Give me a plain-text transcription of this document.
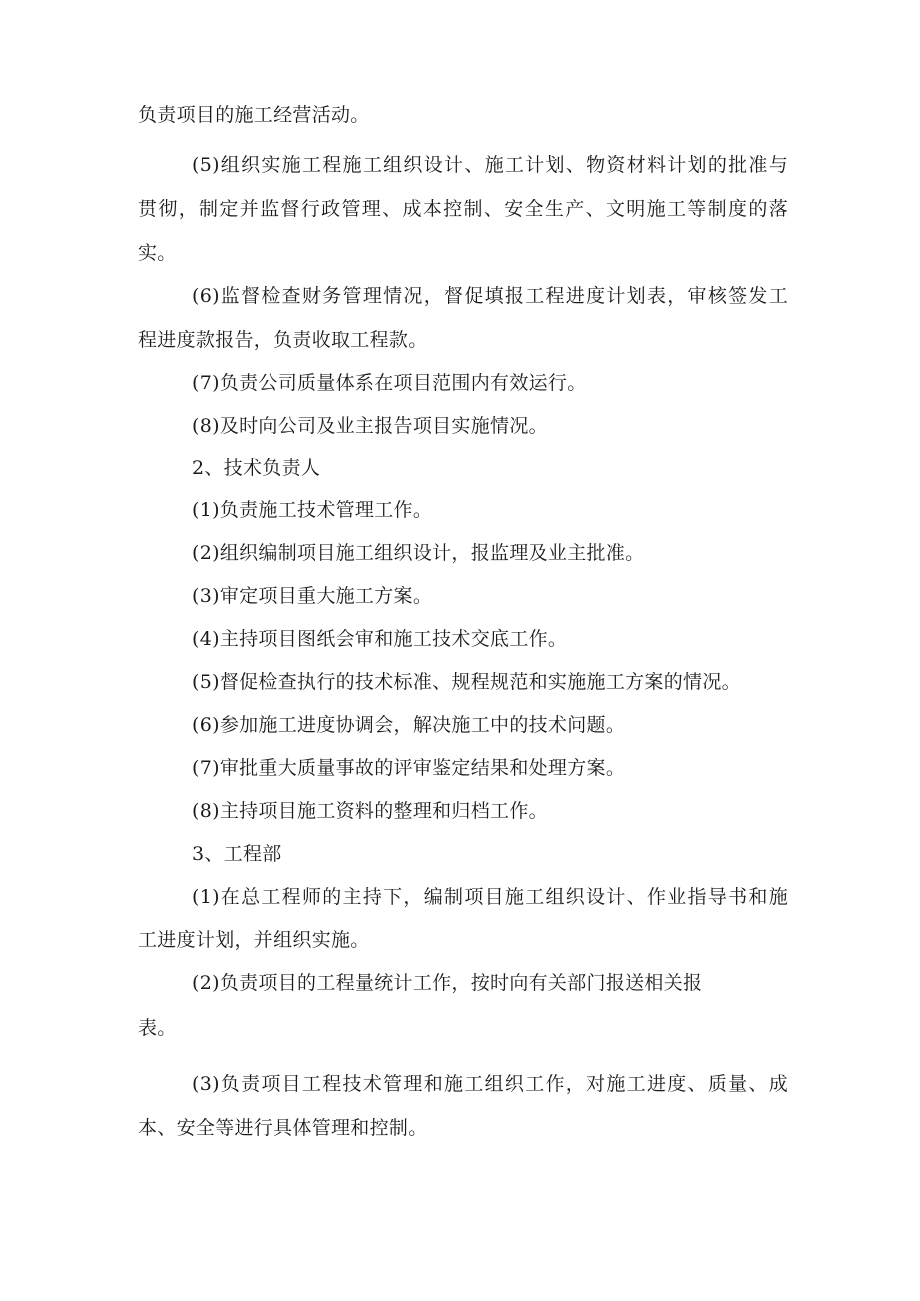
负责项目的施工经营活动。
(5)组织实施工程施工组织设计、施工计划、物资材料计划的批准与
贯彻，制定并监督行政管理、成本控制、安全生产、文明施工等制度的落
实。
(6)监督检查财务管理情况，督促填报工程进度计划表，审核签发工
程进度款报告，负责收取工程款。
(7)负责公司质量体系在项目范围内有效运行。
(8)及时向公司及业主报告项目实施情况。
2、技术负责人
(1)负责施工技术管理工作。
(2)组织编制项目施工组织设计，报监理及业主批准。
(3)审定项目重大施工方案。
(4)主持项目图纸会审和施工技术交底工作。
(5)督促检查执行的技术标准、规程规范和实施施工方案的情况。
(6)参加施工进度协调会，解决施工中的技术问题。
(7)审批重大质量事故的评审鉴定结果和处理方案。
(8)主持项目施工资料的整理和归档工作。
3、工程部
(1)在总工程师的主持下，编制项目施工组织设计、作业指导书和施
工进度计划，并组织实施。
(2)负责项目的工程量统计工作，按时向有关部门报送相关报
表。
(3)负责项目工程技术管理和施工组织工作，对施工进度、质量、成
本、安全等进行具体管理和控制。
